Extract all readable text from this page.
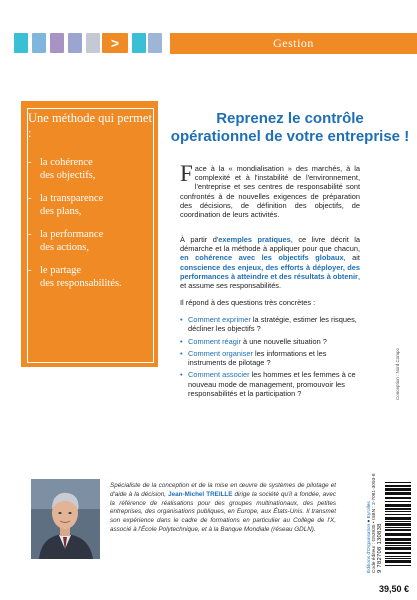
>	Gestion
Une méthode qui permet :
- la cohérence
des objectifs,
- la transparence
des plans,
- la performance
des actions,
- le partage
des responsabilités.
Reprenez le contrôle opérationnel de votre entreprise !
Face à la « mondialisation » des marchés, à la complexité et à l'instabilité de l'environnement, l'entreprise et ses centres de responsabilité sont confrontés à de nouvelles exigences de préparation des décisions, de définition des objectifs, de coordination de leurs activités.
À partir d'exemples pratiques, ce livre décrit la démarche et la méthode à appliquer pour que chacun, en cohérence avec les objectifs globaux, ait conscience des enjeux, des efforts à déployer, des performances à atteindre et des résultats à obtenir, et assume ses responsabilités.
Il répond à des questions très concrètes :
• Comment exprimer la stratégie, estimer les risques, décliner les objectifs ?
• Comment réagir à une nouvelle situation ?
• Comment organiser les informations et les instruments de pilotage ?
• Comment associer les hommes et les femmes à ce nouveau mode de management, promouvoir les responsabilités et la participation ?	Conception : Nord Compo
Spécialiste de la conception et de la mise en œuvre de systèmes de pilotage et d'aide à la décision, Jean-Michel TREILLE dirige la société qu'il a fondée, avec la référence de réalisations pour des groupes multinationaux, des petites entreprises, des organisations publiques, en Europe, aux États-Unis. Il transmet son expérience dans le cadre de formations en particulier au Collège de l'X, associé à l'École Polytechnique, et à la Banque Mondiale (réseau GDLN).	Éditions d'Organisation ● Eyrolles
Code éditeur : G53935 • ISBN : 2-7081-3093-8 9 782708 130838
39,50 €
